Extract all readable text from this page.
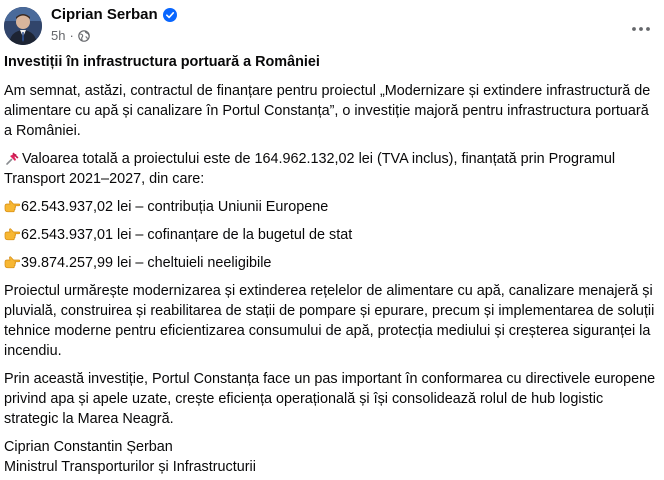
Ciprian Serban
5h ·

Investiții în infrastructura portuară a României

Am semnat, astăzi, contractul de finanțare pentru proiectul „Modernizare și extindere infrastructură de alimentare cu apă și canalizare în Portul Constanța”, o investiție majoră pentru infrastructura portuară a României.

Valoarea totală a proiectului este de 164.962.132,02 lei (TVA inclus), finanțată prin Programul Transport 2021–2027, din care:

62.543.937,02 lei – contribuția Uniunii Europene

62.543.937,01 lei – cofinanțare de la bugetul de stat

39.874.257,99 lei – cheltuieli neeligibile

Proiectul urmărește modernizarea și extinderea rețelelor de alimentare cu apă, canalizare menajeră și pluvială, construirea și reabilitarea de stații de pompare și epurare, precum și implementarea de soluții tehnice moderne pentru eficientizarea consumului de apă, protecția mediului și creșterea siguranței la incendiu.

Prin această investiție, Portul Constanța face un pas important în conformarea cu directivele europene privind apa și apele uzate, crește eficiența operațională și își consolidează rolul de hub logistic strategic la Marea Neagră.

Ciprian Constantin Șerban

Ministrul Transporturilor și Infrastructurii
